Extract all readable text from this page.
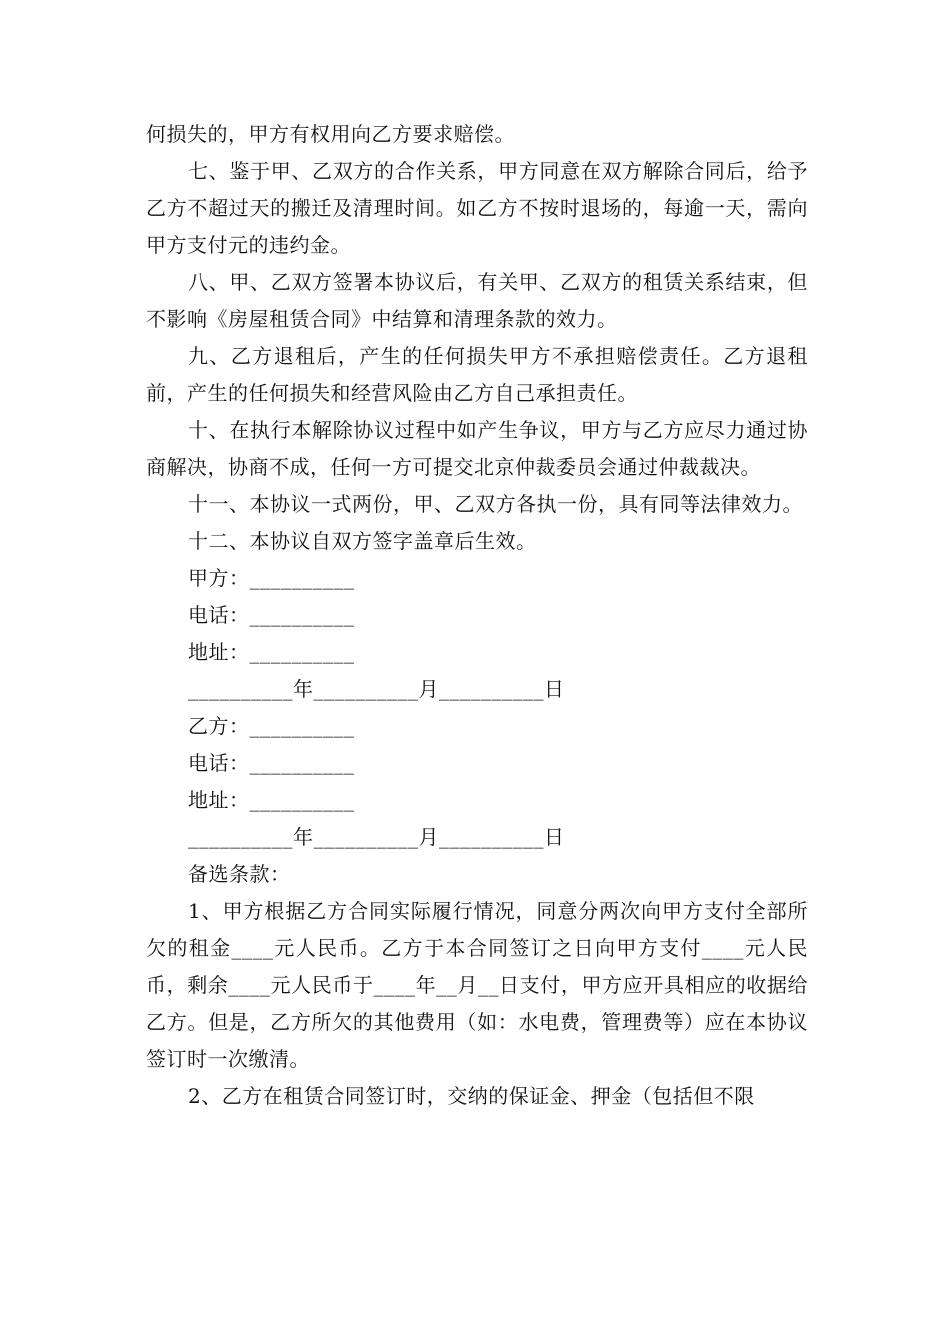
何损失的，甲方有权用向乙方要求赔偿。

七、鉴于甲、乙双方的合作关系，甲方同意在双方解除合同后，给予乙方不超过天的搬迁及清理时间。如乙方不按时退场的，每逾一天，需向甲方支付元的违约金。

八、甲、乙双方签署本协议后，有关甲、乙双方的租赁关系结束，但不影响《房屋租赁合同》中结算和清理条款的效力。

九、乙方退租后，产生的任何损失甲方不承担赔偿责任。乙方退租前，产生的任何损失和经营风险由乙方自己承担责任。

十、在执行本解除协议过程中如产生争议，甲方与乙方应尽力通过协商解决，协商不成，任何一方可提交北京仲裁委员会通过仲裁裁决。

十一、本协议一式两份，甲、乙双方各执一份，具有同等法律效力。

十二、本协议自双方签字盖章后生效。

甲方：__________

电话：__________

地址：__________

__________年__________月__________日

乙方：__________

电话：__________

地址：__________

__________年__________月__________日

备选条款：

1、甲方根据乙方合同实际履行情况，同意分两次向甲方支付全部所欠的租金____元人民币。乙方于本合同签订之日向甲方支付____元人民币，剩余____元人民币于____年__月__日支付，甲方应开具相应的收据给乙方。但是，乙方所欠的其他费用（如：水电费，管理费等）应在本协议签订时一次缴清。

2、乙方在租赁合同签订时，交纳的保证金、押金（包括但不限
